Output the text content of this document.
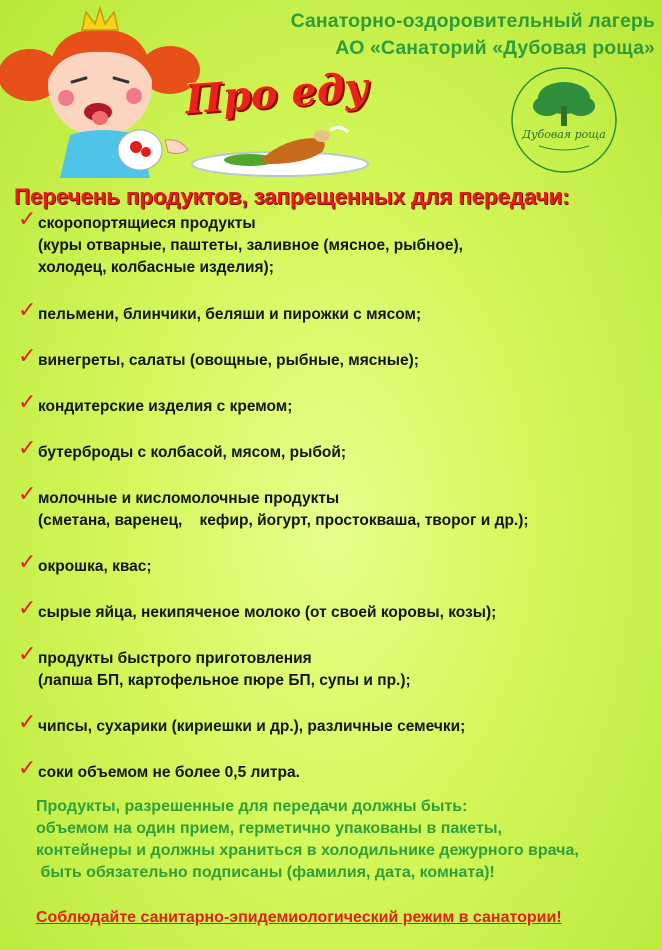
Санаторно-оздоровительный лагерь
АО «Санаторий «Дубовая роща»
Про еду
Дубовая роща
Перечень продуктов, запрещенных для передачи:
✓ скоропортящиеся продукты
(куры отварные, паштеты, заливное (мясное, рыбное),
холодец, колбасные изделия);
✓ пельмени, блинчики, беляши и пирожки с мясом;
✓ винегреты, салаты (овощные, рыбные, мясные);
✓ кондитерские изделия с кремом;
✓ бутерброды с колбасой, мясом, рыбой;
✓ молочные и кисломолочные продукты
(сметана, варенец,    кефир, йогурт, простокваша, творог и др.);
✓ окрошка, квас;
✓ сырые яйца, некипяченое молоко (от своей коровы, козы);
✓ продукты быстрого приготовления
(лапша БП, картофельное пюре БП, супы и пр.);
✓ чипсы, сухарики (кириешки и др.), различные семечки;
✓ соки объемом не более 0,5 литра.
Продукты, разрешенные для передачи должны быть:
объемом на один прием, герметично упакованы в пакеты,
контейнеры и должны храниться в холодильнике дежурного врача,
быть обязательно подписаны (фамилия, дата, комната)!
Соблюдайте санитарно-эпидемиологический режим в санатории!
